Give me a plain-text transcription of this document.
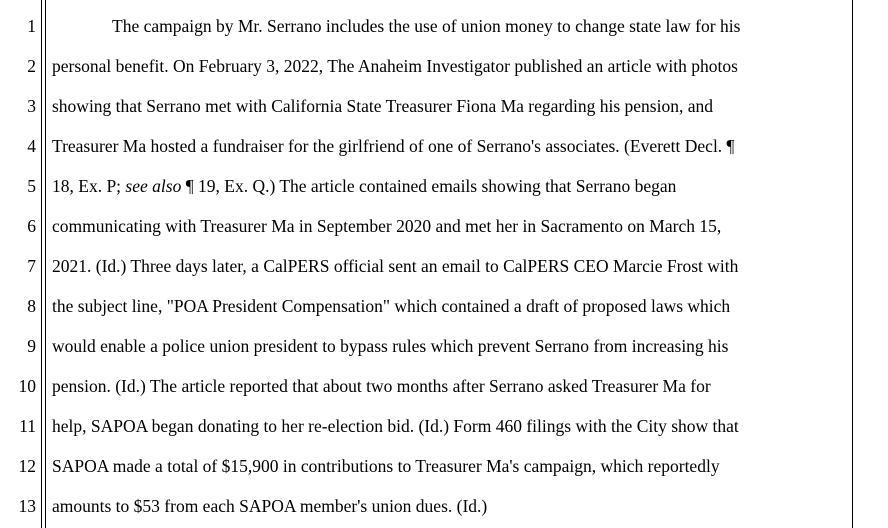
1
2
3
4
5
6
7
8
9
10
11
12
13
The campaign by Mr. Serrano includes the use of union money to change state law for his
personal benefit. On February 3, 2022, The Anaheim Investigator published an article with photos
showing that Serrano met with California State Treasurer Fiona Ma regarding his pension, and
Treasurer Ma hosted a fundraiser for the girlfriend of one of Serrano's associates. (Everett Decl. ¶
18, Ex. P; see also ¶ 19, Ex. Q.) The article contained emails showing that Serrano began
communicating with Treasurer Ma in September 2020 and met her in Sacramento on March 15,
2021. (Id.) Three days later, a CalPERS official sent an email to CalPERS CEO Marcie Frost with
the subject line, "POA President Compensation" which contained a draft of proposed laws which
would enable a police union president to bypass rules which prevent Serrano from increasing his
pension. (Id.) The article reported that about two months after Serrano asked Treasurer Ma for
help, SAPOA began donating to her re-election bid. (Id.) Form 460 filings with the City show that
SAPOA made a total of $15,900 in contributions to Treasurer Ma's campaign, which reportedly
amounts to $53 from each SAPOA member's union dues. (Id.)
